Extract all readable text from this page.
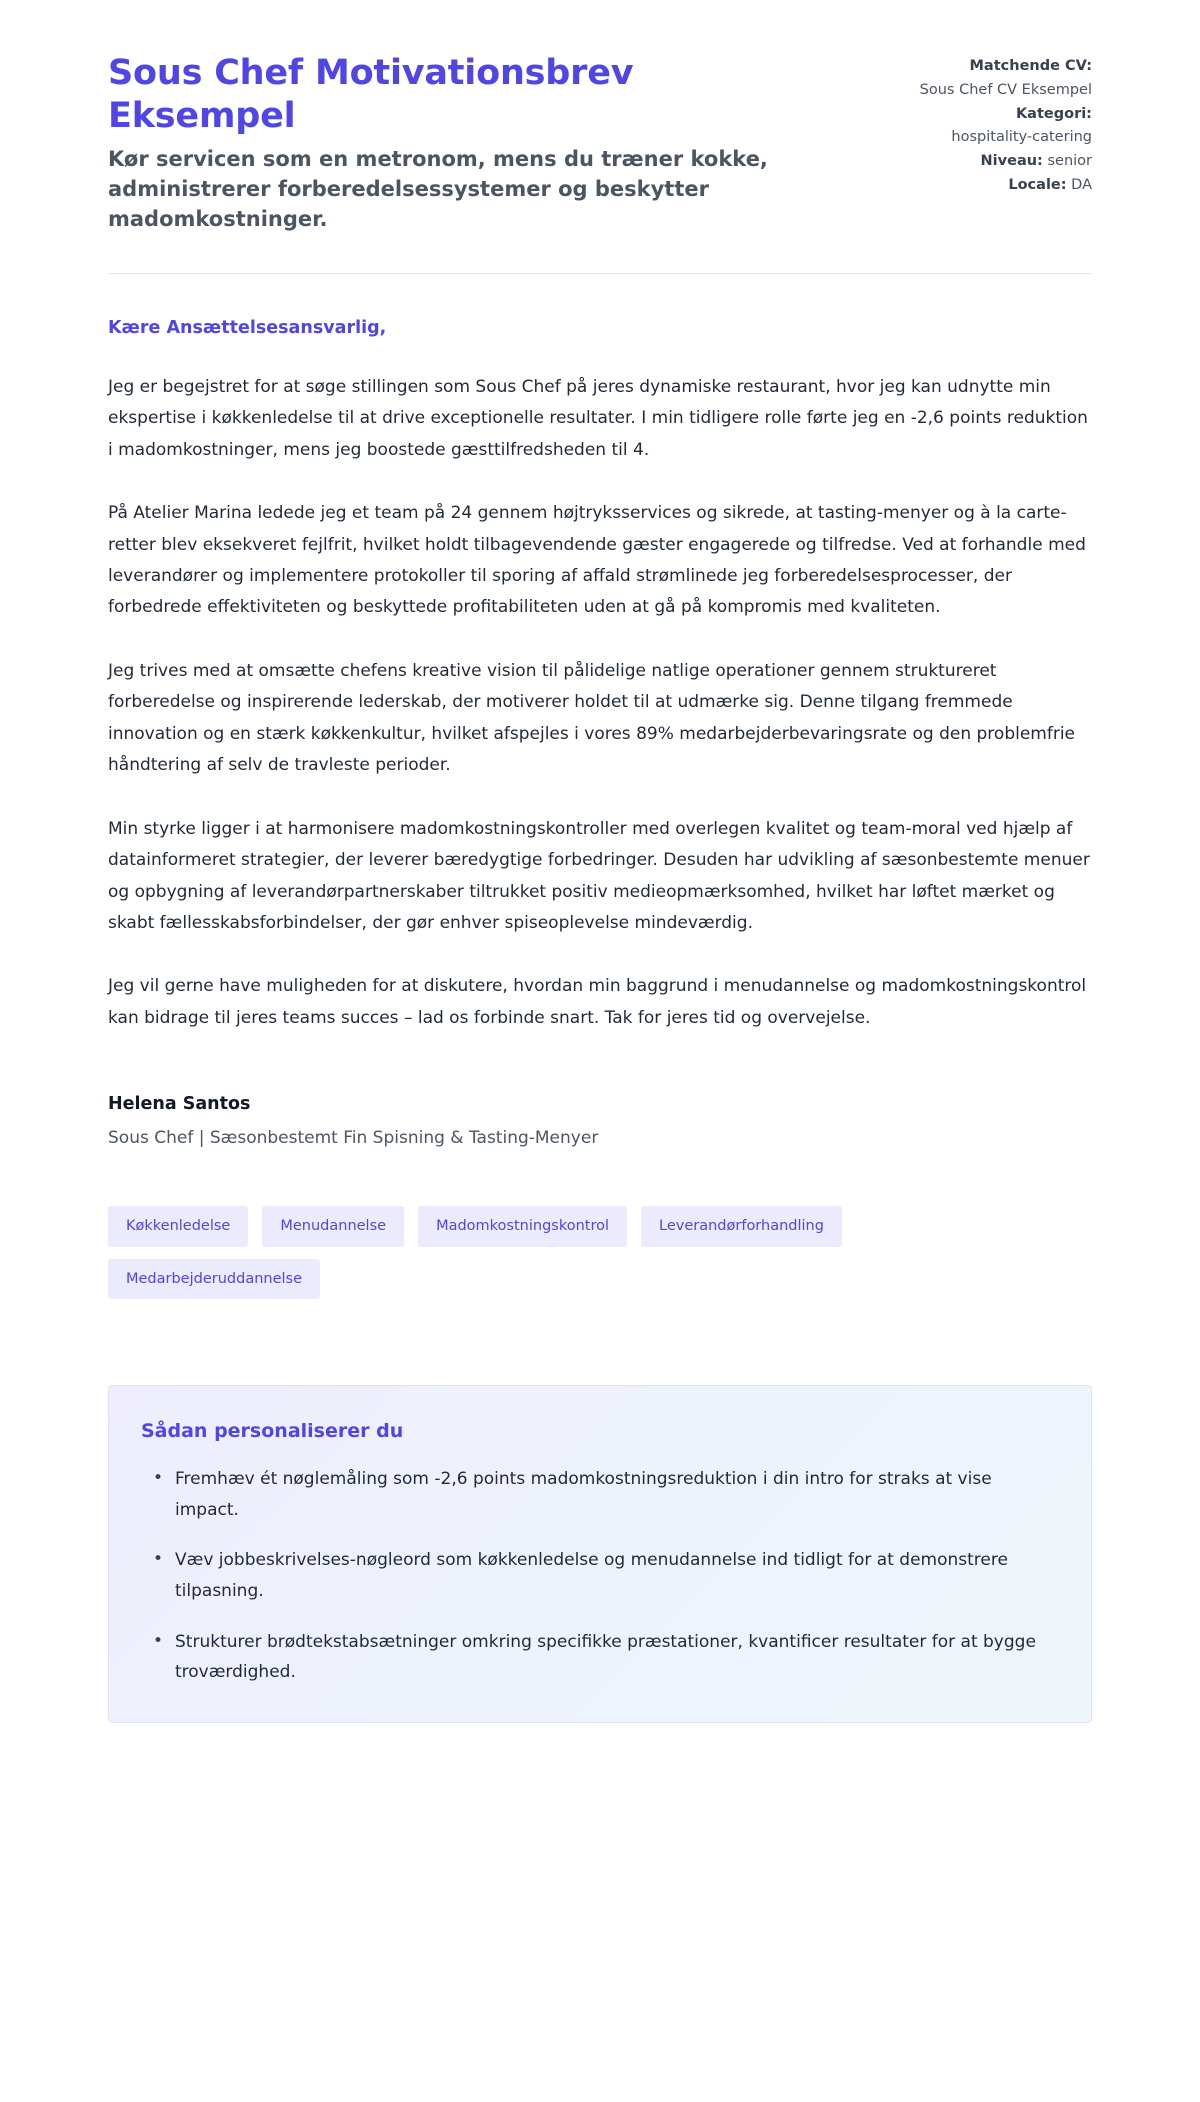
Sous Chef Motivationsbrev Eksempel

Kør servicen som en metronom, mens du træner kokke, administrerer forberedelsessystemer og beskytter madomkostninger.

Matchende CV:
Sous Chef CV Eksempel
Kategori:
hospitality-catering
Niveau: senior
Locale: DA

Kære Ansættelsesansvarlig,

Jeg er begejstret for at søge stillingen som Sous Chef på jeres dynamiske restaurant, hvor jeg kan udnytte min ekspertise i køkkenledelse til at drive exceptionelle resultater. I min tidligere rolle førte jeg en -2,6 points reduktion i madomkostninger, mens jeg boostede gæsttilfredsheden til 4.

På Atelier Marina ledede jeg et team på 24 gennem højtryksservices og sikrede, at tasting-menyer og à la carte-retter blev eksekveret fejlfrit, hvilket holdt tilbagevendende gæster engagerede og tilfredse. Ved at forhandle med leverandører og implementere protokoller til sporing af affald strømlinede jeg forberedelsesprocesser, der forbedrede effektiviteten og beskyttede profitabiliteten uden at gå på kompromis med kvaliteten.

Jeg trives med at omsætte chefens kreative vision til pålidelige natlige operationer gennem struktureret forberedelse og inspirerende lederskab, der motiverer holdet til at udmærke sig. Denne tilgang fremmede innovation og en stærk køkkenkultur, hvilket afspejles i vores 89% medarbejderbevaringsrate og den problemfrie håndtering af selv de travleste perioder.

Min styrke ligger i at harmonisere madomkostningskontroller med overlegen kvalitet og team-moral ved hjælp af datainformeret strategier, der leverer bæredygtige forbedringer. Desuden har udvikling af sæsonbestemte menuer og opbygning af leverandørpartnerskaber tiltrukket positiv medieopmærksomhed, hvilket har løftet mærket og skabt fællesskabsforbindelser, der gør enhver spiseoplevelse mindeværdig.

Jeg vil gerne have muligheden for at diskutere, hvordan min baggrund i menudannelse og madomkostningskontrol kan bidrage til jeres teams succes – lad os forbinde snart. Tak for jeres tid og overvejelse.

Helena Santos

Sous Chef | Sæsonbestemt Fin Spisning & Tasting-Menyer

Køkkenledelse	Menudannelse	Madomkostningskontrol	Leverandørforhandling
Medarbejderuddannelse
Sådan personaliserer du
• Fremhæv ét nøglemåling som -2,6 points madomkostningsreduktion i din intro for straks at vise impact.
• Væv jobbeskrivelses-nøgleord som køkkenledelse og menudannelse ind tidligt for at demonstrere tilpasning.
• Strukturer brødtekstabsætninger omkring specifikke præstationer, kvantificer resultater for at bygge troværdighed.
